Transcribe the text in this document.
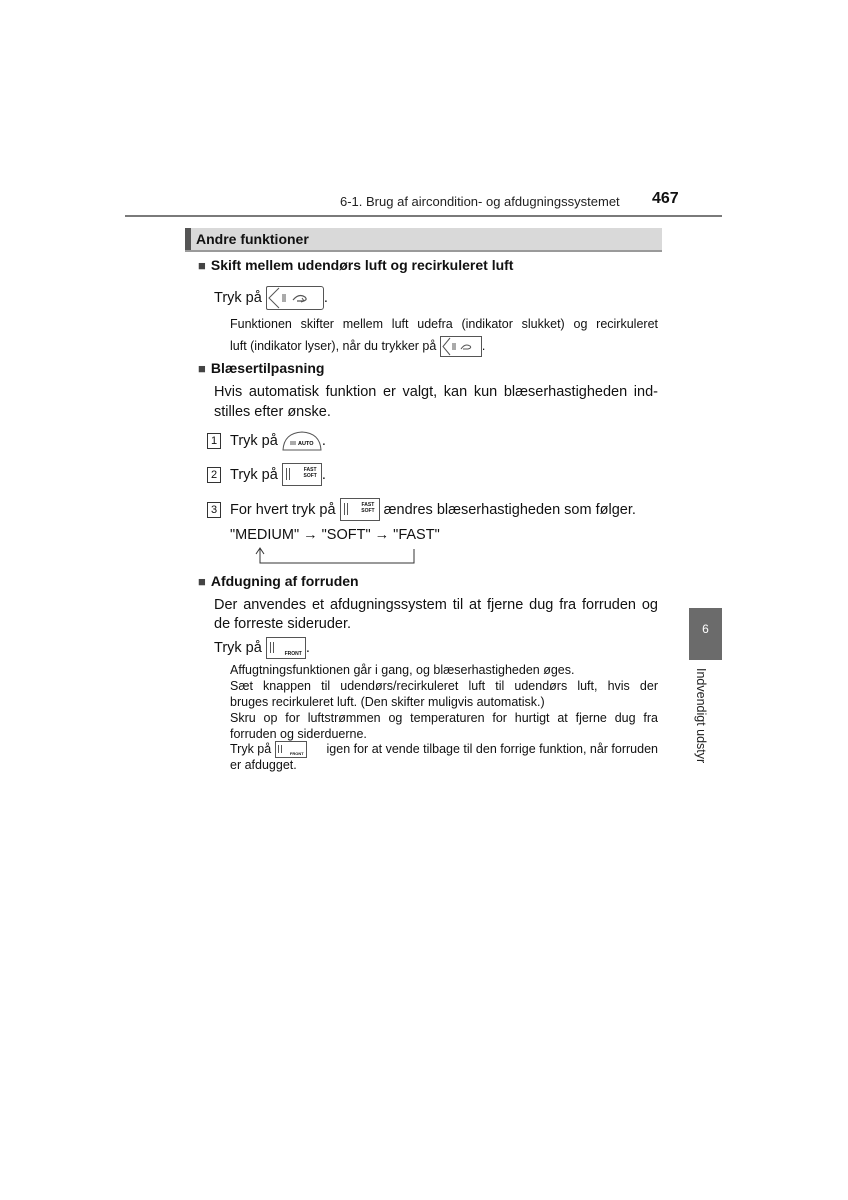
6-1. Brug af aircondition- og afdugningssystemet 467
Andre funktioner
■ Skift mellem udendørs luft og recirkuleret luft
Tryk på
	.
Funktionen skifter mellem luft udefra (indikator slukket) og recirkuleret
luft (indikator lyser), når du trykker på
	.
■ Blæsertilpasning
Hvis automatisk funktion er valgt, kan kun blæserhastigheden ind-
stilles efter ønske.
1 Tryk på
	AUTO .
2 Tryk på
	FAST
SOFT .
3 For hvert tryk på
	FAST
SOFT
ændres blæserhastigheden som følger.
"MEDIUM" → "SOFT" → "FAST"
■ Afdugning af forruden
Der anvendes et afdugningssystem til at fjerne dug fra forruden og
de forreste sideruder.
Tryk på
	FRONT .
Affugtningsfunktionen går i gang, og blæserhastigheden øges.
Sæt knappen til udendørs/recirkuleret luft til udendørs luft, hvis der
bruges recirkuleret luft. (Den skifter muligvis automatisk.)
Skru op for luftstrømmen og temperaturen for hurtigt at fjerne dug fra
forruden og siderduerne.
Tryk på
	FRONT igen for at vende tilbage til den forrige funktion, når forruden
er afdugget.
6
Indvendigt udstyr
